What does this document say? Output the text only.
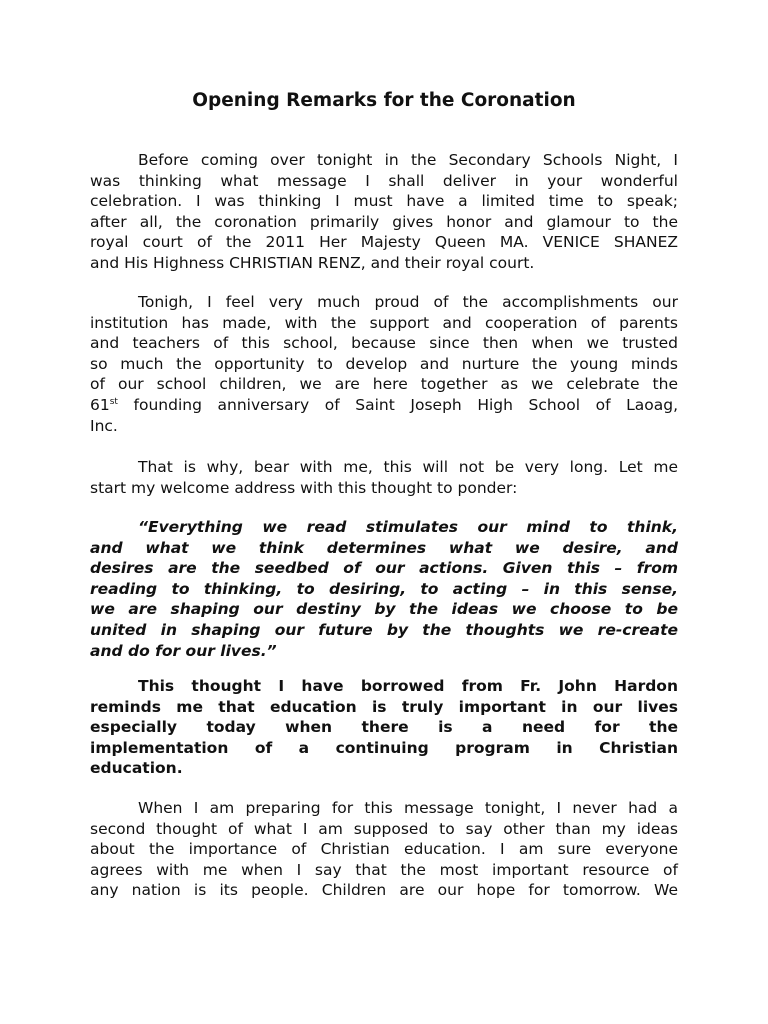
Opening Remarks for the Coronation
Before coming over tonight in the Secondary Schools Night, I
was thinking what message I shall deliver in your wonderful
celebration. I was thinking I must have a limited time to speak;
after all, the coronation primarily gives honor and glamour to the
royal court of the 2011 Her Majesty Queen MA. VENICE SHANEZ
and His Highness CHRISTIAN RENZ, and their royal court.
Tonigh, I feel very much proud of the accomplishments our
institution has made, with the support and cooperation of parents
and teachers of this school, because since then when we trusted
so much the opportunity to develop and nurture the young minds
of our school children, we are here together as we celebrate the
61st founding anniversary of Saint Joseph High School of Laoag,
Inc.
That is why, bear with me, this will not be very long. Let me
start my welcome address with this thought to ponder:
“Everything we read stimulates our mind to think,
and what we think determines what we desire, and
desires are the seedbed of our actions. Given this – from
reading to thinking, to desiring, to acting – in this sense,
we are shaping our destiny by the ideas we choose to be
united in shaping our future by the thoughts we re-create
and do for our lives.”
This thought I have borrowed from Fr. John Hardon
reminds me that education is truly important in our lives
especially today when there is a need for the
implementation of a continuing program in Christian
education.
When I am preparing for this message tonight, I never had a
second thought of what I am supposed to say other than my ideas
about the importance of Christian education. I am sure everyone
agrees with me when I say that the most important resource of
any nation is its people. Children are our hope for tomorrow. We
